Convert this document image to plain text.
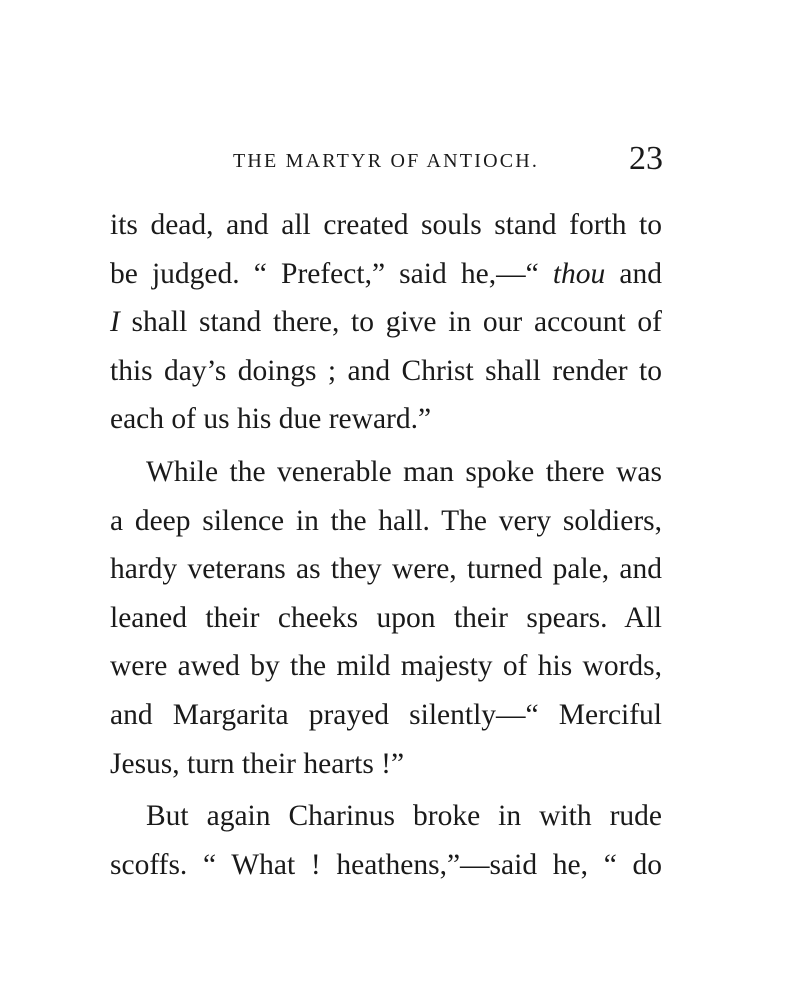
THE MARTYR OF ANTIOCH.	23
its dead, and all created souls stand forth to
be judged. “ Prefect,” said he,—“ thou and
I shall stand there, to give in our account of
this day’s doings ; and Christ shall render to
each of us his due reward.”
While the venerable man spoke there was
a deep silence in the hall. The very soldiers,
hardy veterans as they were, turned pale, and
leaned their cheeks upon their spears. All
were awed by the mild majesty of his words,
and Margarita prayed silently—“ Merciful
Jesus, turn their hearts !”
But again Charinus broke in with rude
scoffs. “ What ! heathens,”—said he, “ do
